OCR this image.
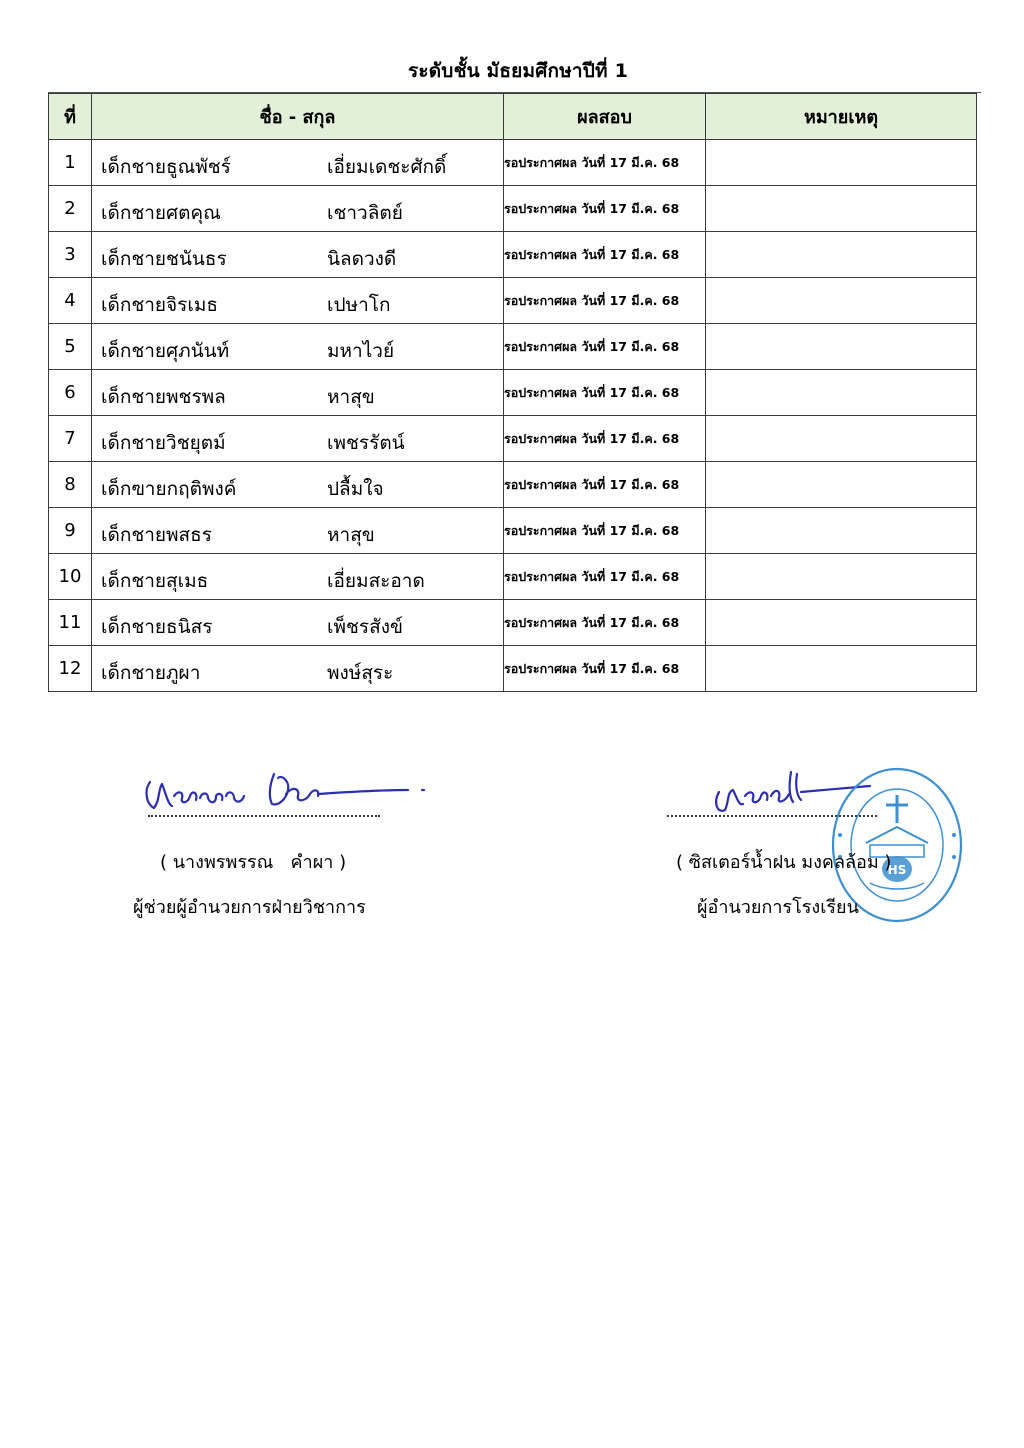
ระดับชั้น มัธยมศึกษาปีที่ 1
ที่	ชื่อ - สกุล	ผลสอบ	หมายเหตุ
1	เด็กชายธูณพัชร์ เอี่ยมเดชะศักดิ์	รอประกาศผล วันที่ 17 มี.ค. 68	
2	เด็กชายศตคุณ เชาวลิตย์	รอประกาศผล วันที่ 17 มี.ค. 68	
3	เด็กชายชนันธร นิลดวงดี	รอประกาศผล วันที่ 17 มี.ค. 68	
4	เด็กชายจิรเมธ เปษาโก	รอประกาศผล วันที่ 17 มี.ค. 68	
5	เด็กชายศุภนันท์ มหาไวย์	รอประกาศผล วันที่ 17 มี.ค. 68	
6	เด็กชายพชรพล หาสุข	รอประกาศผล วันที่ 17 มี.ค. 68	
7	เด็กชายวิชยุตม์ เพชรรัตน์	รอประกาศผล วันที่ 17 มี.ค. 68	
8	เด็กฃายกฤติพงค์ ปลื้มใจ	รอประกาศผล วันที่ 17 มี.ค. 68	
9	เด็กชายพสธร หาสุข	รอประกาศผล วันที่ 17 มี.ค. 68	
10	เด็กชายสุเมธ เอี่ยมสะอาด	รอประกาศผล วันที่ 17 มี.ค. 68	
11	เด็กชายธนิสร เพ็ชรสังข์	รอประกาศผล วันที่ 17 มี.ค. 68	
12	เด็กชายภูผา พงษ์สุระ	รอประกาศผล วันที่ 17 มี.ค. 68	
( นางพรพรรณ   คำผา )
ผู้ช่วยผู้อำนวยการฝ่ายวิชาการ
HS
( ซิสเตอร์น้ำฝน มงคลล้อม )
ผู้อำนวยการโรงเรียน
